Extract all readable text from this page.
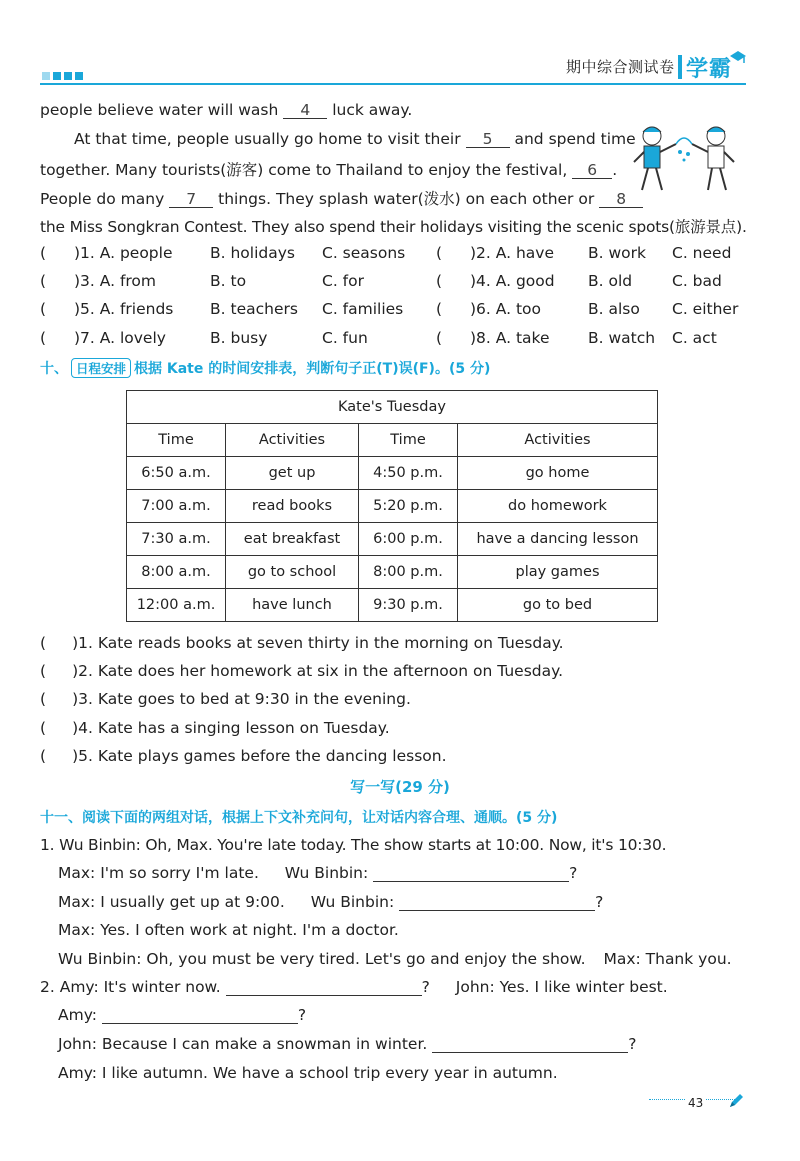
期中综合测试卷 学霸
people believe water will wash 4 luck away.
At that time, people usually go home to visit their 5 and spend time
together. Many tourists(游客) come to Thailand to enjoy the festival, 6 .
People do many 7 things. They splash water(泼水) on each other or 8
the Miss Songkran Contest. They also spend their holidays visiting the scenic spots(旅游景点).
( )1. A. people B. holidays C. seasons ( )2. A. have B. work C. need
( )3. A. from	B. to	C. for	( )4. A. good B. old	C. bad
( )5. A. friends B. teachers C. families ( )6. A. too	B. also C. either
( )7. A. lovely	B. busy	C. fun	( )8. A. take B. watch C. act
十、 日程安排 根据 Kate 的时间安排表，判断句子正(T)误(F)。(5 分)
Kate's Tuesday			
Time	Activities	Time	Activities
6:50 a.m.	get up	4:50 p.m.	go home
7:00 a.m.	read books	5:20 p.m.	do homework
7:30 a.m.	eat breakfast	6:00 p.m.	have a dancing lesson
8:00 a.m.	go to school	8:00 p.m.	play games
12:00 a.m.	have lunch	9:30 p.m.	go to bed
( )1. Kate reads books at seven thirty in the morning on Tuesday.
( )2. Kate does her homework at six in the afternoon on Tuesday.
( )3. Kate goes to bed at 9:30 in the evening.
( )4. Kate has a singing lesson on Tuesday.
( )5. Kate plays games before the dancing lesson.
写一写(29 分)
十一、阅读下面的两组对话，根据上下文补充问句，让对话内容合理、通顺。(5 分)
1. Wu Binbin: Oh, Max. You're late today. The show starts at 10:00. Now, it's 10:30.
Max: I'm so sorry I'm late. Wu Binbin:	?
Max: I usually get up at 9:00. Wu Binbin:	?
Max: Yes. I often work at night. I'm a doctor.
Wu Binbin: Oh, you must be very tired. Let's go and enjoy the show. Max: Thank you.
2. Amy: It's winter now.	? John: Yes. I like winter best.
Amy:	?
John: Because I can make a snowman in winter.	?
Amy: I like autumn. We have a school trip every year in autumn.
43
